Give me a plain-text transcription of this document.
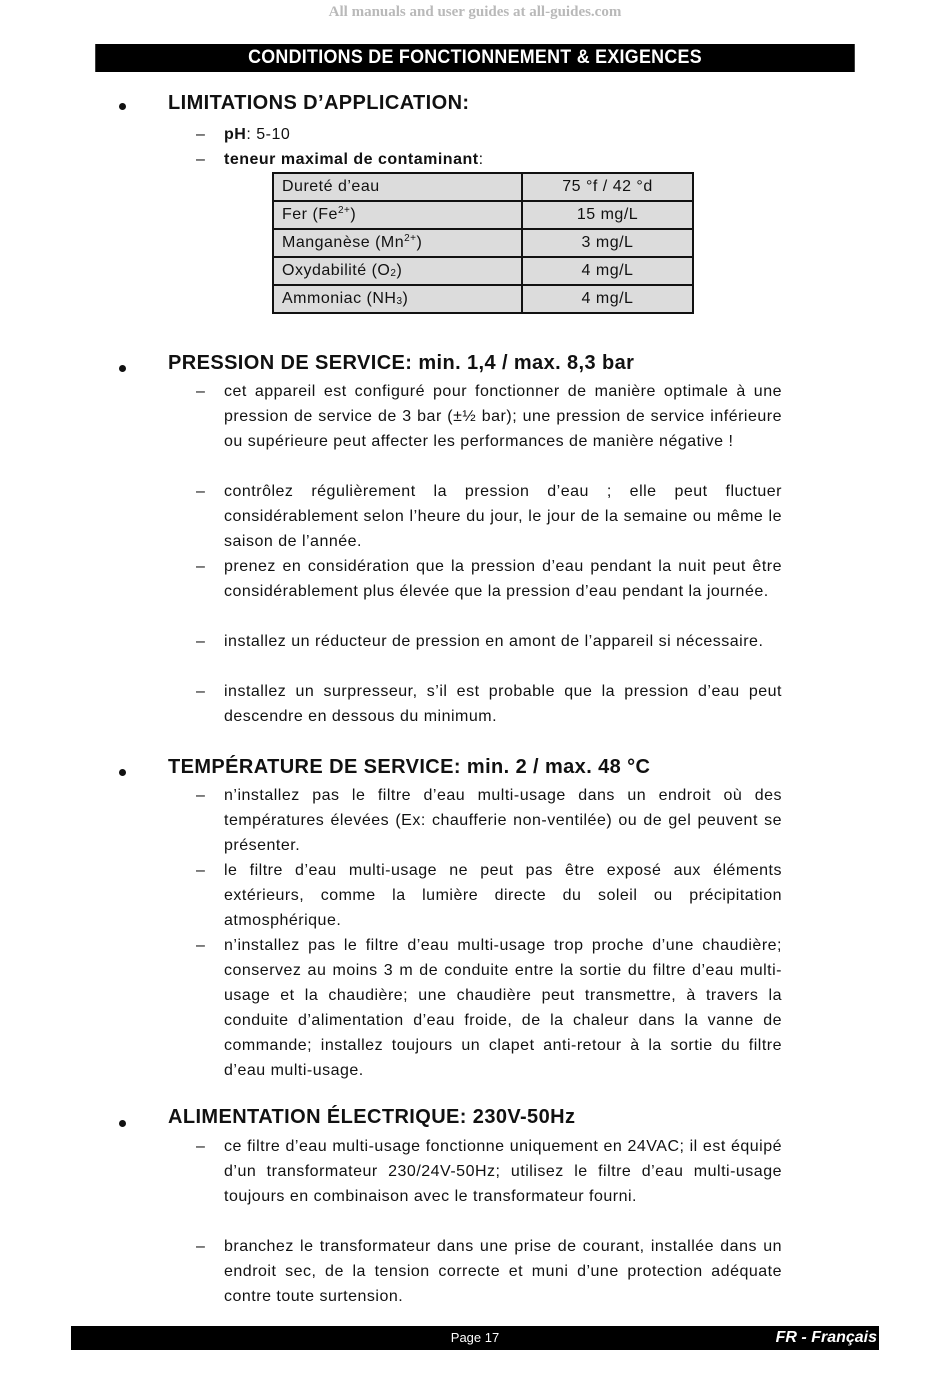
All manuals and user guides at all-guides.com
CONDITIONS DE FONCTIONNEMENT & EXIGENCES
LIMITATIONS D’APPLICATION:
– pH: 5-10
– teneur maximal de contaminant:
Dureté d’eau	75 °f / 42 °d
Fer $(Fe^{2+})$	15 mg/L
Manganèse $(Mn^{2+})$	3 mg/L
Oxydabilité $(O_2)$	4 mg/L
Ammoniac $(NH_3)$	4 mg/L
PRESSION DE SERVICE: min. 1,4 / max. 8,3 bar
– cet appareil est configuré pour fonctionner de manière optimale à une pression de service de 3 bar (±½ bar); une pression de service inférieure ou supérieure peut affecter les performances de manière négative !
– contrôlez régulièrement la pression d’eau ; elle peut fluctuer considérablement selon l’heure du jour, le jour de la semaine ou même le saison de l’année.
– prenez en considération que la pression d’eau pendant la nuit peut être considérablement plus élevée que la pression d’eau pendant la journée.
– installez un réducteur de pression en amont de l’appareil si nécessaire.
– installez un surpresseur, s’il est probable que la pression d’eau peut descendre en dessous du minimum.
TEMPÉRATURE DE SERVICE: min. 2 / max. 48 °C
– n’installez pas le filtre d’eau multi-usage dans un endroit où des températures élevées (Ex: chaufferie non-ventilée) ou de gel peuvent se présenter.
– le filtre d’eau multi-usage ne peut pas être exposé aux éléments extérieurs, comme la lumière directe du soleil ou précipitation atmosphérique.
– n’installez pas le filtre d’eau multi-usage trop proche d’une chaudière; conservez au moins 3 m de conduite entre la sortie du filtre d’eau multi-usage et la chaudière; une chaudière peut transmettre, à travers la conduite d’alimentation d’eau froide, de la chaleur dans la vanne de commande; installez toujours un clapet anti-retour à la sortie du filtre d’eau multi-usage.
ALIMENTATION ÉLECTRIQUE: 230V-50Hz
– ce filtre d’eau multi-usage fonctionne uniquement en 24VAC; il est équipé d’un transformateur 230/24V-50Hz; utilisez le filtre d’eau multi-usage toujours en combinaison avec le transformateur fourni.
– branchez le transformateur dans une prise de courant, installée dans un endroit sec, de la tension correcte et muni d’une protection adéquate contre toute surtension.
Page 17	FR - Français
